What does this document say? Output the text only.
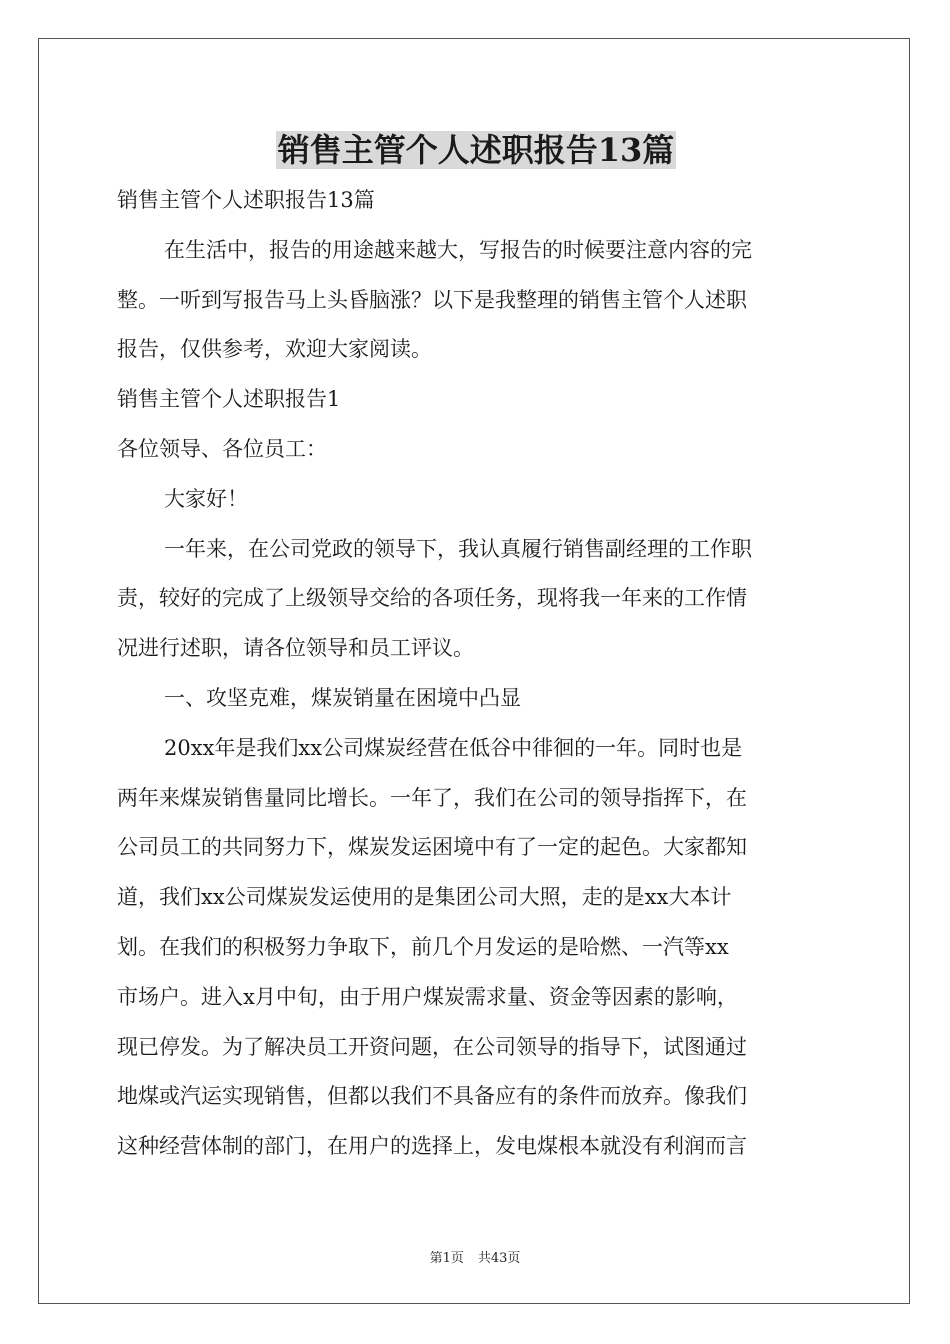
销售主管个人述职报告13篇

销售主管个人述职报告13篇

在生活中，报告的用途越来越大，写报告的时候要注意内容的完

整。一听到写报告马上头昏脑涨？以下是我整理的销售主管个人述职

报告，仅供参考，欢迎大家阅读。

销售主管个人述职报告1

各位领导、各位员工：

大家好！

一年来，在公司党政的领导下，我认真履行销售副经理的工作职

责，较好的完成了上级领导交给的各项任务，现将我一年来的工作情

况进行述职，请各位领导和员工评议。

一、攻坚克难，煤炭销量在困境中凸显

20xx年是我们xx公司煤炭经营在低谷中徘徊的一年。同时也是

两年来煤炭销售量同比增长。一年了，我们在公司的领导指挥下，在

公司员工的共同努力下，煤炭发运困境中有了一定的起色。大家都知

道，我们xx公司煤炭发运使用的是集团公司大照，走的是xx大本计

划。在我们的积极努力争取下，前几个月发运的是哈燃、一汽等xx

市场户。进入x月中旬，由于用户煤炭需求量、资金等因素的影响，

现已停发。为了解决员工开资问题，在公司领导的指导下，试图通过

地煤或汽运实现销售，但都以我们不具备应有的条件而放弃。像我们

这种经营体制的部门，在用户的选择上，发电煤根本就没有利润而言

第1页 共43页
